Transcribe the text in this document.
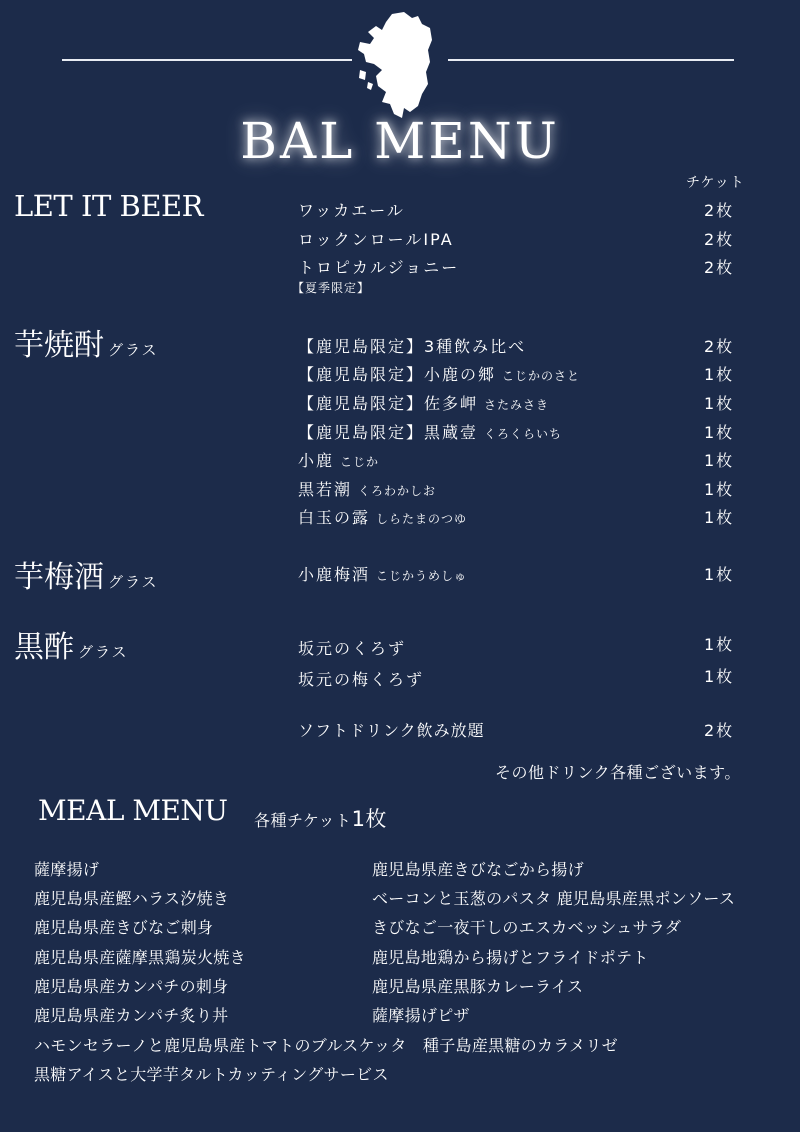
BAL MENU
チケット
LET IT BEER	ワッカエール	2枚
ロックンロールIPA	2枚
トロピカルジョニー	2枚
【夏季限定】
芋焼酎 グラス	【鹿児島限定】3種飲み比べ	2枚
【鹿児島限定】小鹿の郷 こじかのさと	1枚
【鹿児島限定】佐多岬 さたみさき	1枚
【鹿児島限定】黒蔵壹 くろくらいち	1枚
小鹿 こじか	1枚
黒若潮 くろわかしお	1枚
白玉の露 しらたまのつゆ	1枚
芋梅酒 グラス	小鹿梅酒 こじかうめしゅ	1枚
黒酢 グラス	坂元のくろず	1枚
坂元の梅くろず	1枚
ソフトドリンク飲み放題	2枚
その他ドリンク各種ございます。
MEAL MENU 各種チケット1枚
薩摩揚げ
鹿児島県産鰹ハラス汐焼き
鹿児島県産きびなご刺身
鹿児島県産薩摩黒鶏炭火焼き
鹿児島県産カンパチの刺身
鹿児島県産カンパチ炙り丼
鹿児島県産きびなごから揚げ
ベーコンと玉葱のパスタ 鹿児島県産黒ポンソース
きびなご一夜干しのエスカベッシュサラダ
鹿児島地鶏から揚げとフライドポテト
鹿児島県産黒豚カレーライス
薩摩揚げピザ
ハモンセラーノと鹿児島県産トマトのブルスケッタ　種子島産黒糖のカラメリゼ
黒糖アイスと大学芋タルトカッティングサービス
